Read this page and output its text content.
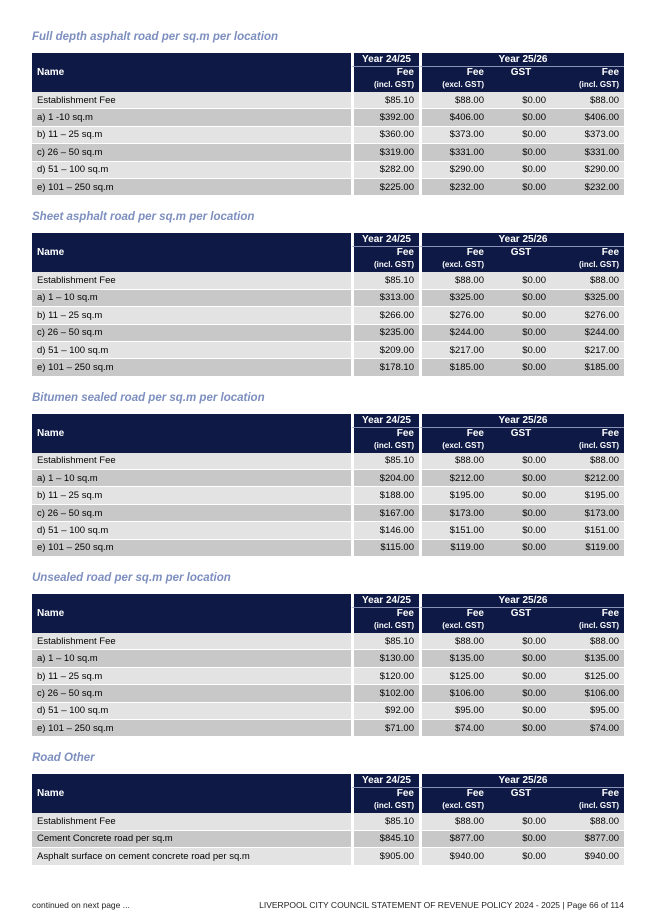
Full depth asphalt road per sq.m per location
Name	Year 24/25	Year 25/26		
	Fee	Fee	GST	Fee
	(incl. GST)	(excl. GST)		(incl. GST)
Establishment Fee	$85.10	$88.00	$0.00	$88.00
a) 1 -10 sq.m	$392.00	$406.00	$0.00	$406.00
b) 11 – 25 sq.m	$360.00	$373.00	$0.00	$373.00
c) 26 – 50 sq.m	$319.00	$331.00	$0.00	$331.00
d) 51 – 100 sq.m	$282.00	$290.00	$0.00	$290.00
e) 101 – 250 sq.m	$225.00	$232.00	$0.00	$232.00
Sheet asphalt road per sq.m per location
Name	Year 24/25	Year 25/26		
	Fee	Fee	GST	Fee
	(incl. GST)	(excl. GST)		(incl. GST)
Establishment Fee	$85.10	$88.00	$0.00	$88.00
a) 1 – 10 sq.m	$313.00	$325.00	$0.00	$325.00
b) 11 – 25 sq.m	$266.00	$276.00	$0.00	$276.00
c) 26 – 50 sq.m	$235.00	$244.00	$0.00	$244.00
d) 51 – 100 sq.m	$209.00	$217.00	$0.00	$217.00
e) 101 – 250 sq.m	$178.10	$185.00	$0.00	$185.00
Bitumen sealed road per sq.m per location
Name	Year 24/25	Year 25/26		
	Fee	Fee	GST	Fee
	(incl. GST)	(excl. GST)		(incl. GST)
Establishment Fee	$85.10	$88.00	$0.00	$88.00
a) 1 – 10 sq.m	$204.00	$212.00	$0.00	$212.00
b) 11 – 25 sq.m	$188.00	$195.00	$0.00	$195.00
c) 26 – 50 sq.m	$167.00	$173.00	$0.00	$173.00
d) 51 – 100 sq.m	$146.00	$151.00	$0.00	$151.00
e) 101 – 250 sq.m	$115.00	$119.00	$0.00	$119.00
Unsealed road per sq.m per location
Name	Year 24/25	Year 25/26		
	Fee	Fee	GST	Fee
	(incl. GST)	(excl. GST)		(incl. GST)
Establishment Fee	$85.10	$88.00	$0.00	$88.00
a) 1 – 10 sq.m	$130.00	$135.00	$0.00	$135.00
b) 11 – 25 sq.m	$120.00	$125.00	$0.00	$125.00
c) 26 – 50 sq.m	$102.00	$106.00	$0.00	$106.00
d) 51 – 100 sq.m	$92.00	$95.00	$0.00	$95.00
e) 101 – 250 sq.m	$71.00	$74.00	$0.00	$74.00
Road Other
Name	Year 24/25	Year 25/26		
	Fee	Fee	GST	Fee
	(incl. GST)	(excl. GST)		(incl. GST)
Establishment Fee	$85.10	$88.00	$0.00	$88.00
Cement Concrete road per sq.m	$845.10	$877.00	$0.00	$877.00
Asphalt surface on cement concrete road per sq.m	$905.00	$940.00	$0.00	$940.00
continued on next page ...	LIVERPOOL CITY COUNCIL STATEMENT OF REVENUE POLICY 2024 - 2025 | Page 66 of 114
